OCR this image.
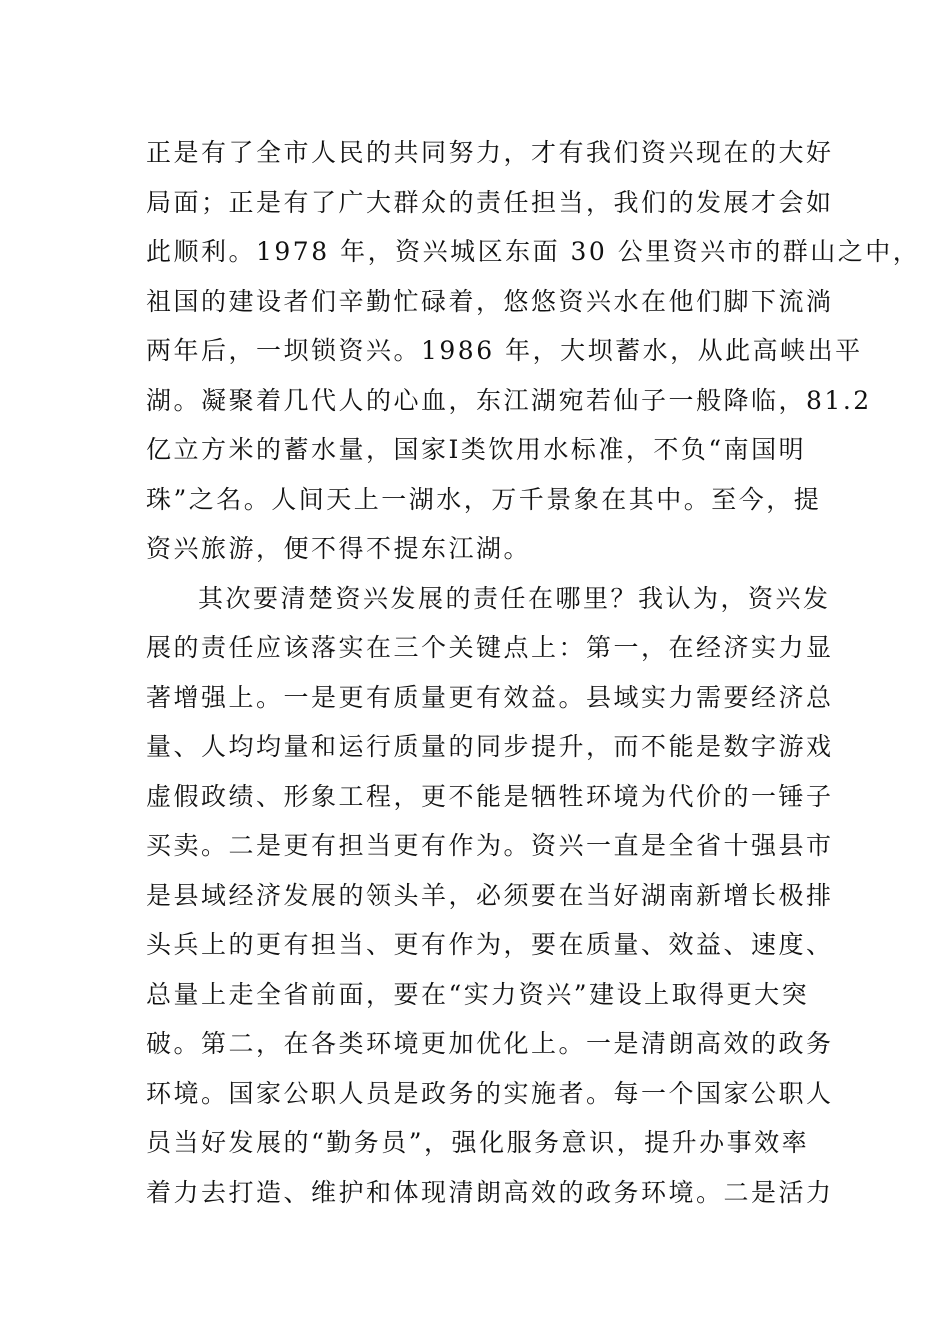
正是有了全市人民的共同努力，才有我们资兴现在的大好
局面；正是有了广大群众的责任担当，我们的发展才会如
此顺利。1978 年，资兴城区东面 30 公里资兴市的群山之中，
祖国的建设者们辛勤忙碌着，悠悠资兴水在他们脚下流淌
两年后，一坝锁资兴。1986 年，大坝蓄水，从此高峡出平
湖。凝聚着几代人的心血，东江湖宛若仙子一般降临，81.2
亿立方米的蓄水量，国家Ⅰ类饮用水标准，不负“南国明
珠”之名。人间天上一湖水，万千景象在其中。至今，提
资兴旅游，便不得不提东江湖。
其次要清楚资兴发展的责任在哪里？我认为，资兴发
展的责任应该落实在三个关键点上：第一，在经济实力显
著增强上。一是更有质量更有效益。县域实力需要经济总
量、人均均量和运行质量的同步提升，而不能是数字游戏
虚假政绩、形象工程，更不能是牺牲环境为代价的一锤子
买卖。二是更有担当更有作为。资兴一直是全省十强县市
是县域经济发展的领头羊，必须要在当好湖南新增长极排
头兵上的更有担当、更有作为，要在质量、效益、速度、
总量上走全省前面，要在“实力资兴”建设上取得更大突
破。第二，在各类环境更加优化上。一是清朗高效的政务
环境。国家公职人员是政务的实施者。每一个国家公职人
员当好发展的“勤务员”，强化服务意识，提升办事效率
着力去打造、维护和体现清朗高效的政务环境。二是活力
